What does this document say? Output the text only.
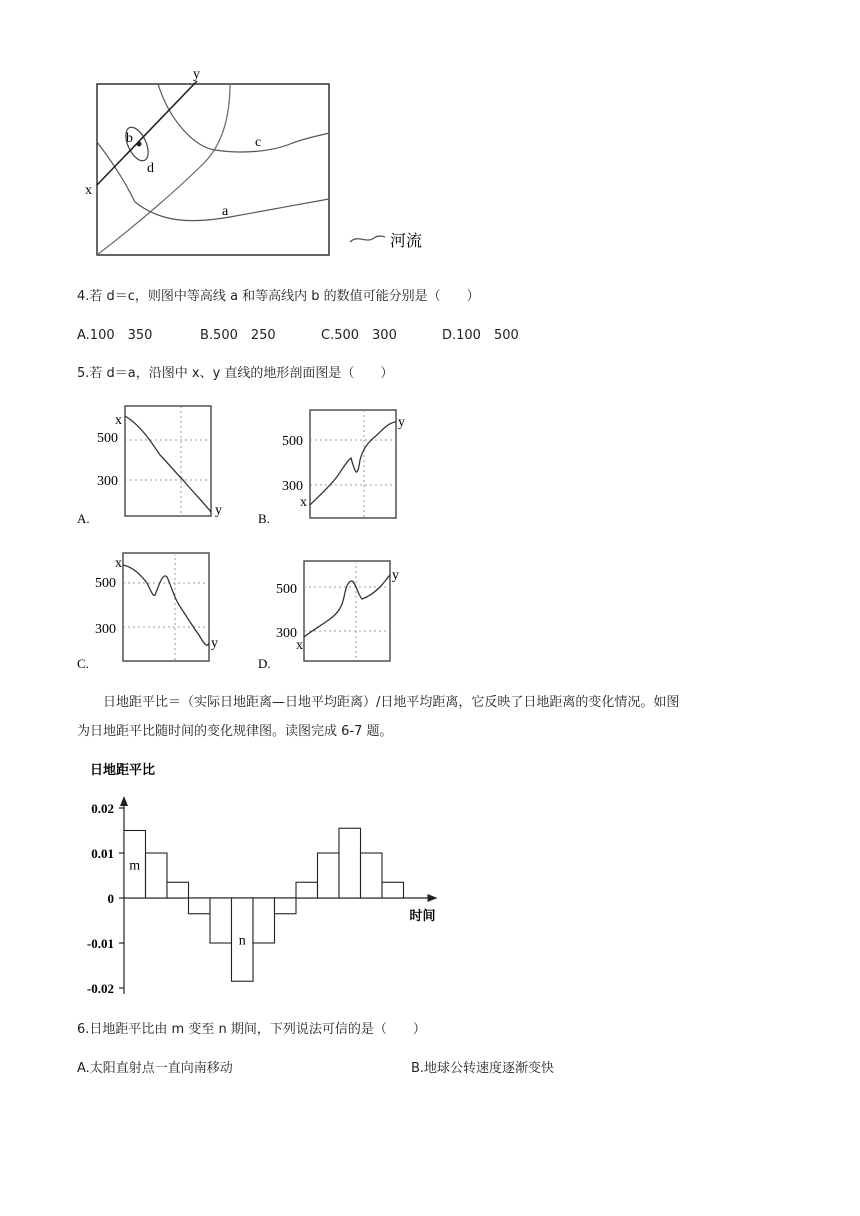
x
y
b
d
c
a
河流
4.若 d＝c，则图中等高线 a 和等高线内 b 的数值可能分别是（　　）
A.100　350	B.500　250	C.500　300	D.100　500
5.若 d＝a，沿图中 x、y 直线的地形剖面图是（　　）
x
y
500
300
A.
x
y
500
300
B.
x
y
500
300
C.
x
y
500
300
D.
日地距平比＝（实际日地距离—日地平均距离）/日地平均距离，它反映了日地距离的变化情况。如图
为日地距平比随时间的变化规律图。读图完成 6-7 题。
日地距平比
时间
0.02
0.01
0
-0.01
-0.02
m
n
6.日地距平比由 m 变至 n 期间，下列说法可信的是（　　）
A.太阳直射点一直向南移动	B.地球公转速度逐渐变快
